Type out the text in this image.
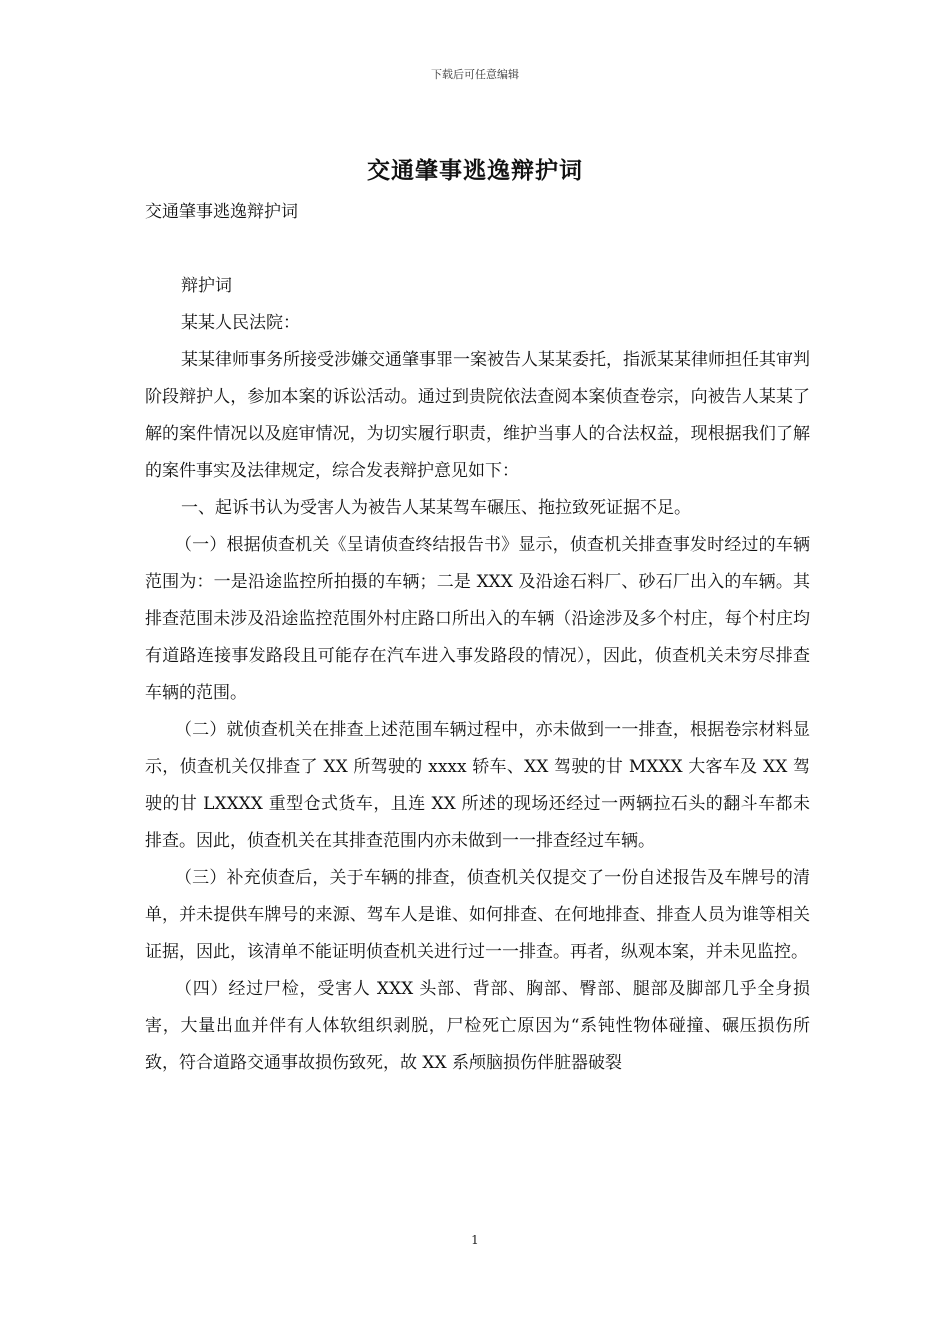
下载后可任意编辑
交通肇事逃逸辩护词

交通肇事逃逸辩护词

辩护词

某某人民法院：

某某律师事务所接受涉嫌交通肇事罪一案被告人某某委托，指派某某律师担任其审判阶段辩护人，参加本案的诉讼活动。通过到贵院依法查阅本案侦查卷宗，向被告人某某了解的案件情况以及庭审情况，为切实履行职责，维护当事人的合法权益，现根据我们了解的案件事实及法律规定，综合发表辩护意见如下：

一、起诉书认为受害人为被告人某某驾车碾压、拖拉致死证据不足。

（一）根据侦查机关《呈请侦查终结报告书》显示，侦查机关排查事发时经过的车辆范围为：一是沿途监控所拍摄的车辆；二是 XXX 及沿途石料厂、砂石厂出入的车辆。其排查范围未涉及沿途监控范围外村庄路口所出入的车辆（沿途涉及多个村庄，每个村庄均有道路连接事发路段且可能存在汽车进入事发路段的情况），因此，侦查机关未穷尽排查车辆的范围。

（二）就侦查机关在排查上述范围车辆过程中，亦未做到一一排查，根据卷宗材料显示，侦查机关仅排查了 XX 所驾驶的 xxxx 轿车、XX 驾驶的甘 MXXX 大客车及 XX 驾驶的甘 LXXXX 重型仓式货车，且连 XX 所述的现场还经过一两辆拉石头的翻斗车都未排查。因此，侦查机关在其排查范围内亦未做到一一排查经过车辆。

（三）补充侦查后，关于车辆的排查，侦查机关仅提交了一份自述报告及车牌号的清单，并未提供车牌号的来源、驾车人是谁、如何排查、在何地排查、排查人员为谁等相关证据，因此，该清单不能证明侦查机关进行过一一排查。再者，纵观本案，并未见监控。

（四）经过尸检，受害人 XXX 头部、背部、胸部、臀部、腿部及脚部几乎全身损害，大量出血并伴有人体软组织剥脱，尸检死亡原因为“系钝性物体碰撞、碾压损伤所致，符合道路交通事故损伤致死，故 XX 系颅脑损伤伴脏器破裂

1
